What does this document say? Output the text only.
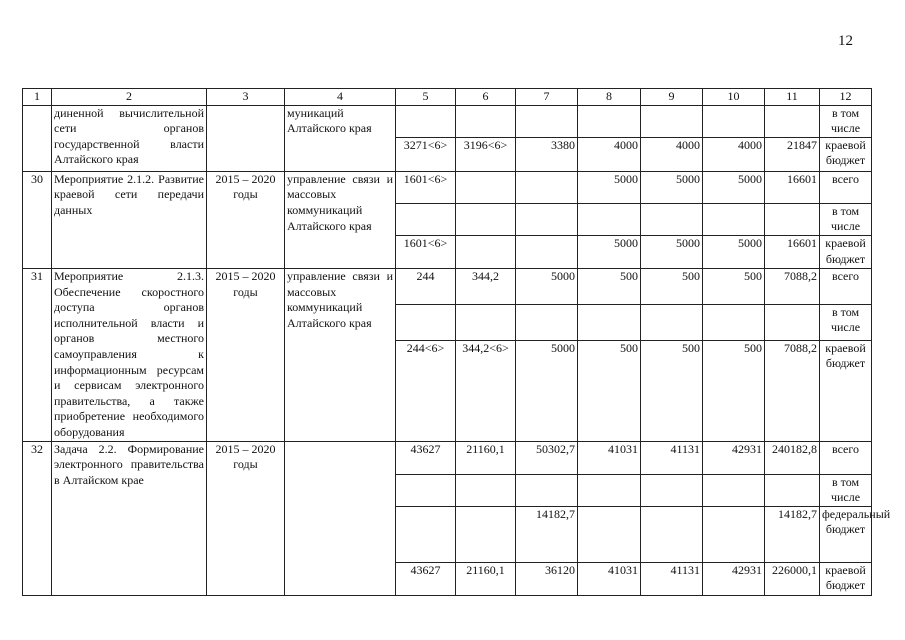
12
1	2	3	4	5	6	7	8	9	10	11	12
	диненной вычислительной сети органов государственной власти Алтайского края		муникаций Алтайского края								в том числе
				3271<6>	3196<6>	3380	4000	4000	4000	21847	краевой бюджет
30	Мероприятие 2.1.2. Развитие краевой сети передачи данных	2015 – 2020 годы	управление связи и массовых коммуникаций Алтайского края	1601<6>			5000	5000	5000	16601	всего
											в том числе
				1601<6>			5000	5000	5000	16601	краевой бюджет
31	Мероприятие 2.1.3. Обеспечение скоростного доступа органов исполнительной власти и органов местного самоуправления к информационным ресурсам и сервисам электронного правительства, а также приобретение необходимого оборудования	2015 – 2020 годы	управление связи и массовых коммуникаций Алтайского края	244	344,2	5000	500	500	500	7088,2	всего
											в том числе
				244<6>	344,2<6>	5000	500	500	500	7088,2	краевой бюджет
32	Задача 2.2. Формирование электронного правительства в Алтайском крае	2015 – 2020 годы		43627	21160,1	50302,7	41031	41131	42931	240182,8	всего
											в том числе
						14182,7				14182,7	федеральный бюджет
				43627	21160,1	36120	41031	41131	42931	226000,1	краевой бюджет
